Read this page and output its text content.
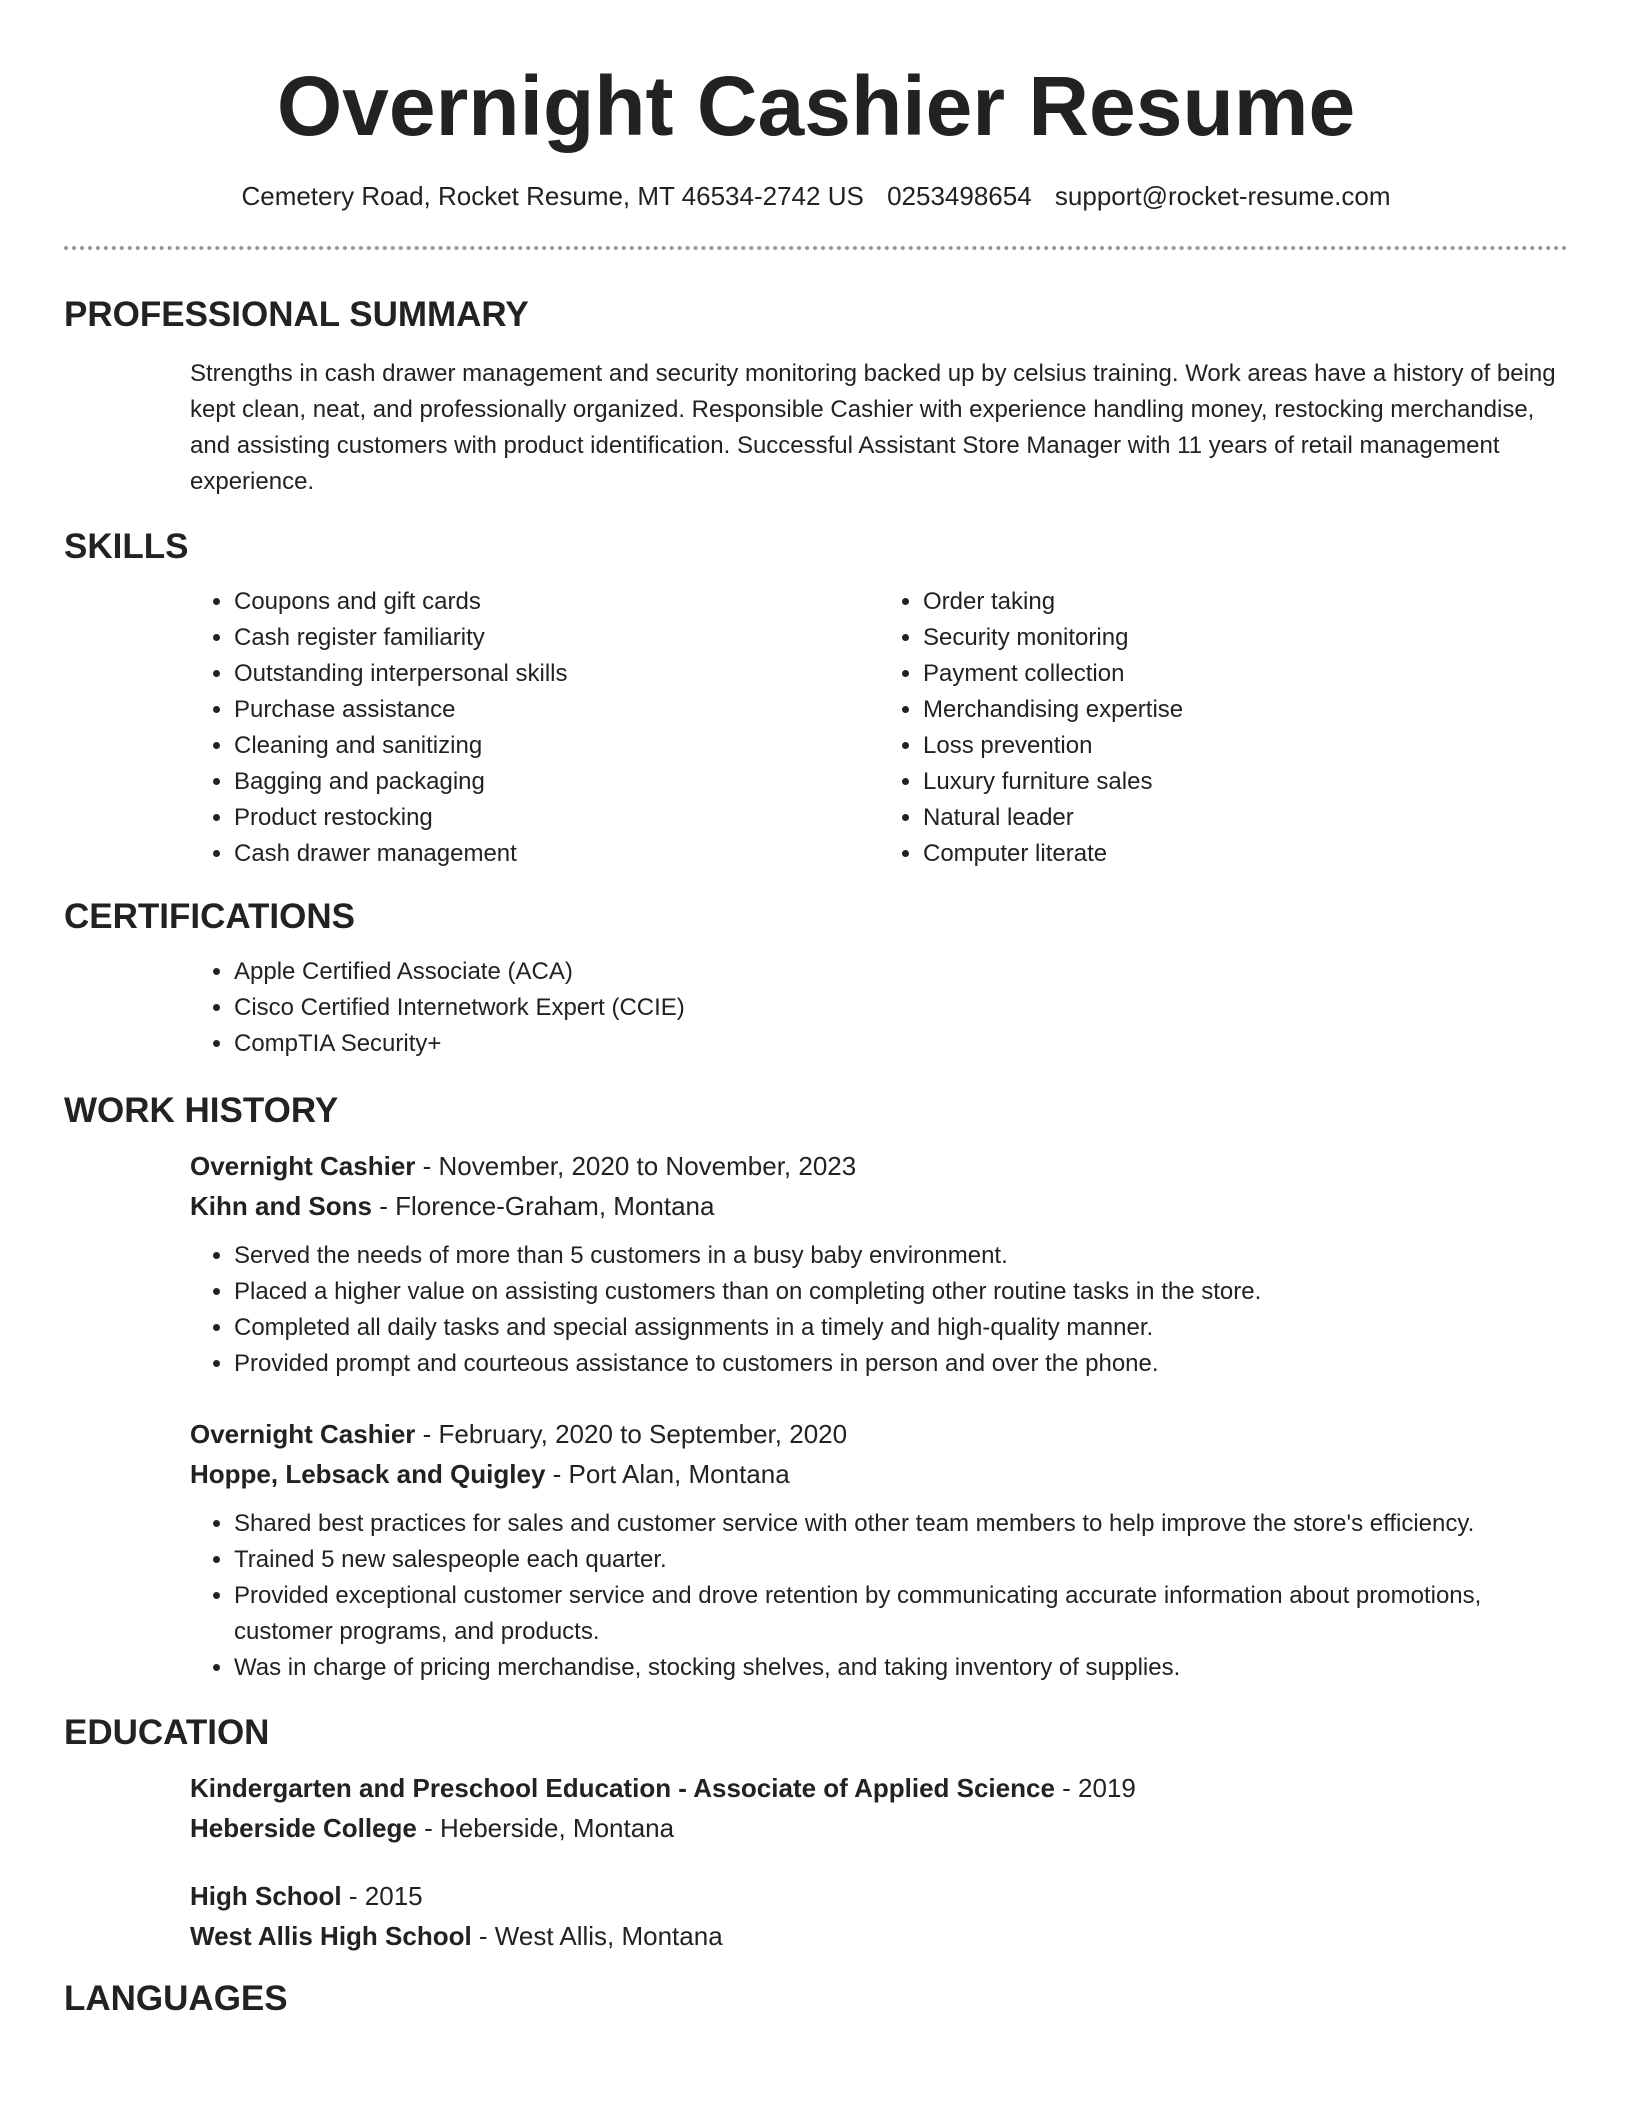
Overnight Cashier Resume
Cemetery Road, Rocket Resume, MT 46534-2742 US 0253498654 support@rocket-resume.com
PROFESSIONAL SUMMARY
Strengths in cash drawer management and security monitoring backed up by celsius training. Work areas have a history of being kept clean, neat, and professionally organized. Responsible Cashier with experience handling money, restocking merchandise, and assisting customers with product identification. Successful Assistant Store Manager with 11 years of retail management experience.
SKILLS
• Coupons and gift cards
• Cash register familiarity
• Outstanding interpersonal skills
• Purchase assistance
• Cleaning and sanitizing
• Bagging and packaging
• Product restocking
• Cash drawer management
• Order taking
• Security monitoring
• Payment collection
• Merchandising expertise
• Loss prevention
• Luxury furniture sales
• Natural leader
• Computer literate
CERTIFICATIONS
• Apple Certified Associate (ACA)
• Cisco Certified Internetwork Expert (CCIE)
• CompTIA Security+
WORK HISTORY
Overnight Cashier - November, 2020 to November, 2023
Kihn and Sons - Florence-Graham, Montana
• Served the needs of more than 5 customers in a busy baby environment.
• Placed a higher value on assisting customers than on completing other routine tasks in the store.
• Completed all daily tasks and special assignments in a timely and high-quality manner.
• Provided prompt and courteous assistance to customers in person and over the phone.
Overnight Cashier - February, 2020 to September, 2020
Hoppe, Lebsack and Quigley - Port Alan, Montana
• Shared best practices for sales and customer service with other team members to help improve the store's efficiency.
• Trained 5 new salespeople each quarter.
• Provided exceptional customer service and drove retention by communicating accurate information about promotions, customer programs, and products.
• Was in charge of pricing merchandise, stocking shelves, and taking inventory of supplies.
EDUCATION
Kindergarten and Preschool Education - Associate of Applied Science - 2019
Heberside College - Heberside, Montana
High School - 2015
West Allis High School - West Allis, Montana
LANGUAGES
